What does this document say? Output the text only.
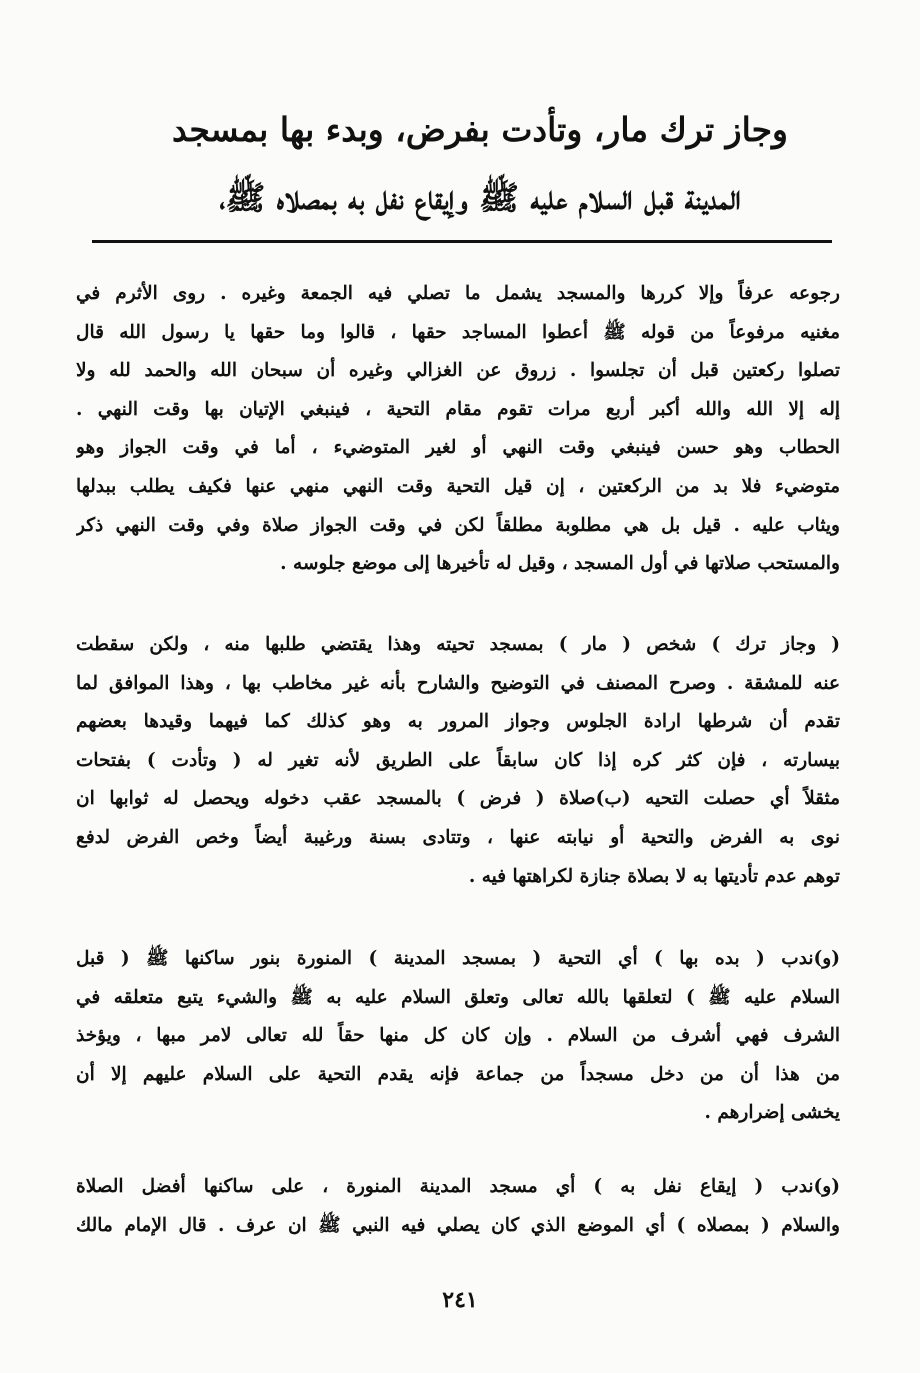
وجاز ترك مار، وتأدت بفرض، وبدء بها بمسجد
المدينة قبل السلام عليه ﷺ وإيقاع نفل به بمصلاه ﷺ،
رجوعه عرفاً وإلا كررها والمسجد يشمل ما تصلي فيه الجمعة وغيره . روى الأثرم في
مغنيه مرفوعاً من قوله ﷺ أعطوا المساجد حقها ، قالوا وما حقها يا رسول الله قال
تصلوا ركعتين قبل أن تجلسوا . زروق عن الغزالي وغيره أن سبحان الله والحمد لله ولا
إله إلا الله والله أكبر أربع مرات تقوم مقام التحية ، فينبغي الإتيان بها وقت النهي .
الحطاب وهو حسن فينبغي وقت النهي أو لغير المتوضيء ، أما في وقت الجواز وهو
متوضيء فلا بد من الركعتين ، إن قيل التحية وقت النهي منهي عنها فكيف يطلب ببدلها
ويثاب عليه . قيل بل هي مطلوبة مطلقاً لكن في وقت الجواز صلاة وفي وقت النهي ذكر
والمستحب صلاتها في أول المسجد ، وقيل له تأخيرها إلى موضع جلوسه .
( وجاز ترك ) شخص ( مار ) بمسجد تحيته وهذا يقتضي طلبها منه ، ولكن سقطت
عنه للمشقة . وصرح المصنف في التوضيح والشارح بأنه غير مخاطب بها ، وهذا الموافق لما
تقدم أن شرطها ارادة الجلوس وجواز المرور به وهو كذلك كما فيهما وقيدها بعضهم
بيسارته ، فإن كثر كره إذا كان سابقاً على الطريق لأنه تغير له ( وتأدت ) بفتحات
مثقلاً أي حصلت التحيه (ب)صلاة ( فرض ) بالمسجد عقب دخوله ويحصل له ثوابها ان
نوى به الفرض والتحية أو نيابته عنها ، وتتادى بسنة ورغيبة أيضاً وخص الفرض لدفع
توهم عدم تأديتها به لا بصلاة جنازة لكراهتها فيه .
(و)ندب ( بده بها ) أي التحية ( بمسجد المدينة ) المنورة بنور ساكنها ﷺ ( قبل
السلام عليه ﷺ ) لتعلقها بالله تعالى وتعلق السلام عليه به ﷺ والشيء يتبع متعلقه في
الشرف فهي أشرف من السلام . وإن كان كل منها حقاً لله تعالى لامر مبها ، ويؤخذ
من هذا أن من دخل مسجداً من جماعة فإنه يقدم التحية على السلام عليهم إلا أن
يخشى إضرارهم .
(و)ندب ( إيقاع نفل به ) أي مسجد المدينة المنورة ، على ساكنها أفضل الصلاة
والسلام ( بمصلاه ) أي الموضع الذي كان يصلي فيه النبي ﷺ ان عرف . قال الإمام مالك
٢٤١
